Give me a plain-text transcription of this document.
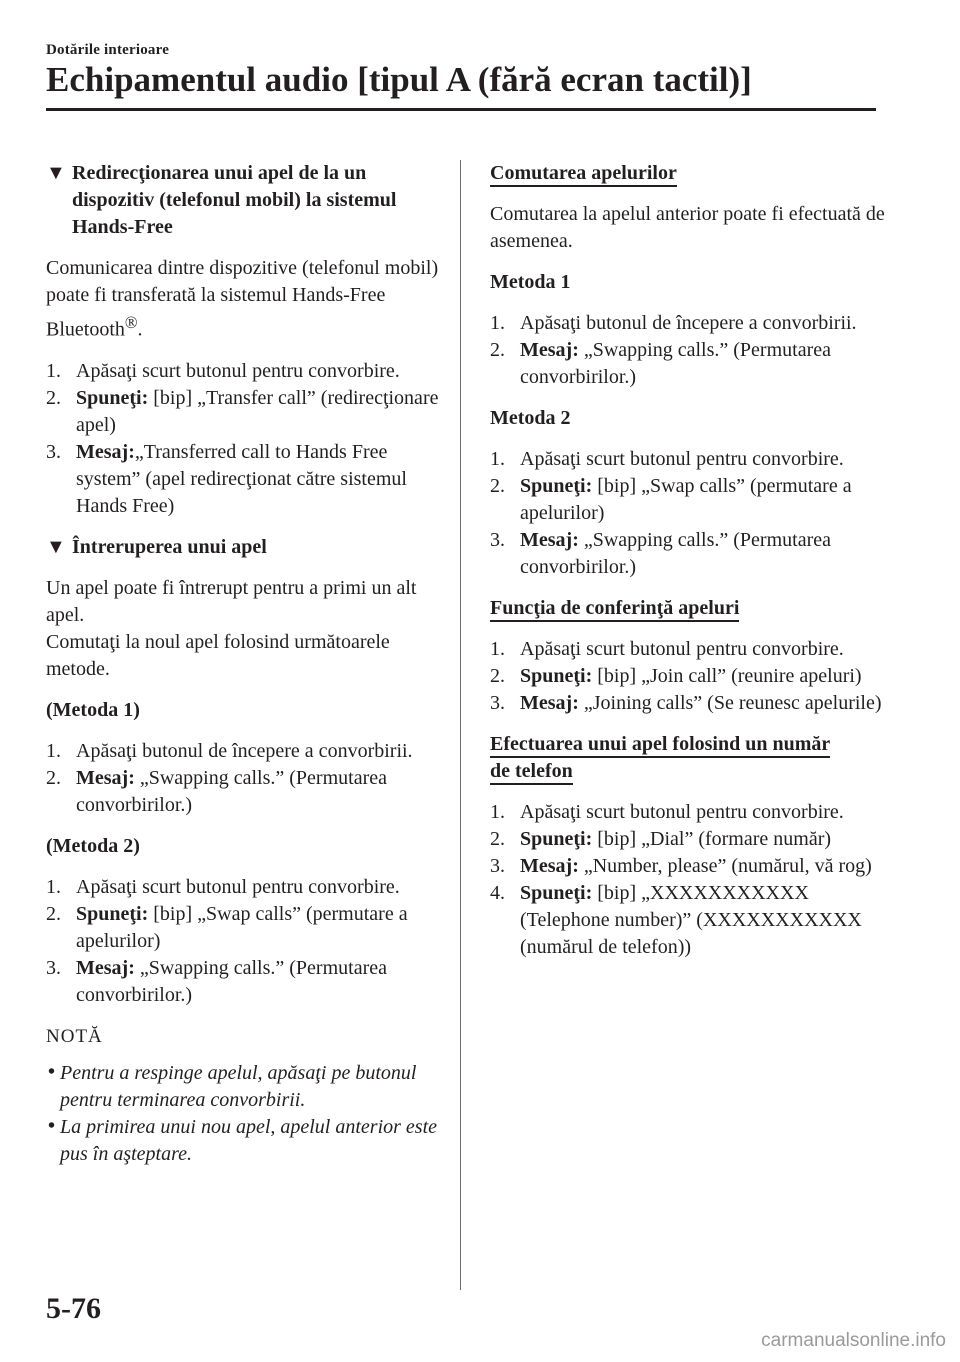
Dotările interioare
Echipamentul audio [tipul A (fără ecran tactil)]
▼ Redirecţionarea unui apel de la un dispozitiv (telefonul mobil) la sistemul Hands-Free

Comunicarea dintre dispozitive (telefonul mobil) poate fi transferată la sistemul Hands-Free Bluetooth®.

1. Apăsaţi scurt butonul pentru convorbire.
2. Spuneţi: [bip] „Transfer call” (redirecţionare apel)
3. Mesaj:„Transferred call to Hands Free system” (apel redirecţionat către sistemul Hands Free)
▼ Întreruperea unui apel

Un apel poate fi întrerupt pentru a primi un alt apel.
Comutaţi la noul apel folosind următoarele metode.

(Metoda 1)
1. Apăsaţi butonul de începere a convorbirii.
2. Mesaj: „Swapping calls.” (Permutarea convorbirilor.)
(Metoda 2)
1. Apăsaţi scurt butonul pentru convorbire.
2. Spuneţi: [bip] „Swap calls” (permutare a apelurilor)
3. Mesaj: „Swapping calls.” (Permutarea convorbirilor.)
NOTĂ
• Pentru a respinge apelul, apăsaţi pe butonul pentru terminarea convorbirii.
• La primirea unui nou apel, apelul anterior este pus în aşteptare.
Comutarea apelurilor

Comutarea la apelul anterior poate fi efectuată de asemenea.

Metoda 1
1. Apăsaţi butonul de începere a convorbirii.
2. Mesaj: „Swapping calls.” (Permutarea convorbirilor.)
Metoda 2
1. Apăsaţi scurt butonul pentru convorbire.
2. Spuneţi: [bip] „Swap calls” (permutare a apelurilor)
3. Mesaj: „Swapping calls.” (Permutarea convorbirilor.)
Funcţia de conferinţă apeluri
1. Apăsaţi scurt butonul pentru convorbire.
2. Spuneţi: [bip] „Join call” (reunire apeluri)
3. Mesaj: „Joining calls” (Se reunesc apelurile)
Efectuarea unui apel folosind un număr
de telefon
1. Apăsaţi scurt butonul pentru convorbire.
2. Spuneţi: [bip] „Dial” (formare număr)
3. Mesaj: „Number, please” (numărul, vă rog)
4. Spuneţi: [bip] „XXXXXXXXXXX (Telephone number)” (XXXXXXXXXXX (numărul de telefon))
5-76
carmanualsonline.info
